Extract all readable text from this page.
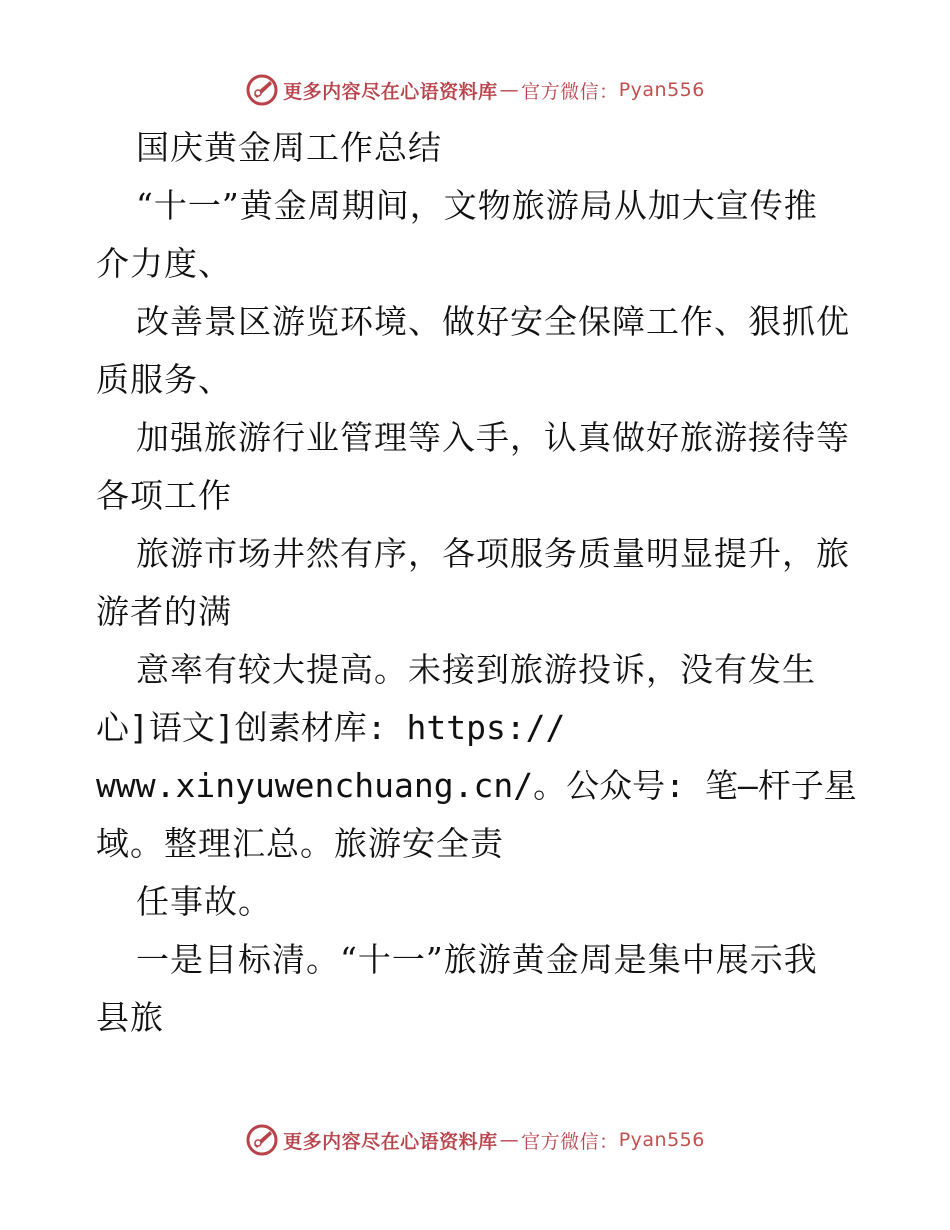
更多内容尽在心语资料库 — 官方微信： Pyan556
国庆黄金周工作总结
“十一”黄金周期间，文物旅游局从加大宣传推
介力度、
改善景区游览环境、做好安全保障工作、狠抓优
质服务、
加强旅游行业管理等入手，认真做好旅游接待等
各项工作
旅游市场井然有序，各项服务质量明显提升，旅
游者的满
意率有较大提高。未接到旅游投诉，没有发生
心]语文]创素材库: https://
www.xinyuwenchuang.cn/。公众号: 笔—杆子星
域。整理汇总。旅游安全责
任事故。
一是目标清。“十一”旅游黄金周是集中展示我
县旅
更多内容尽在心语资料库 — 官方微信： Pyan556
